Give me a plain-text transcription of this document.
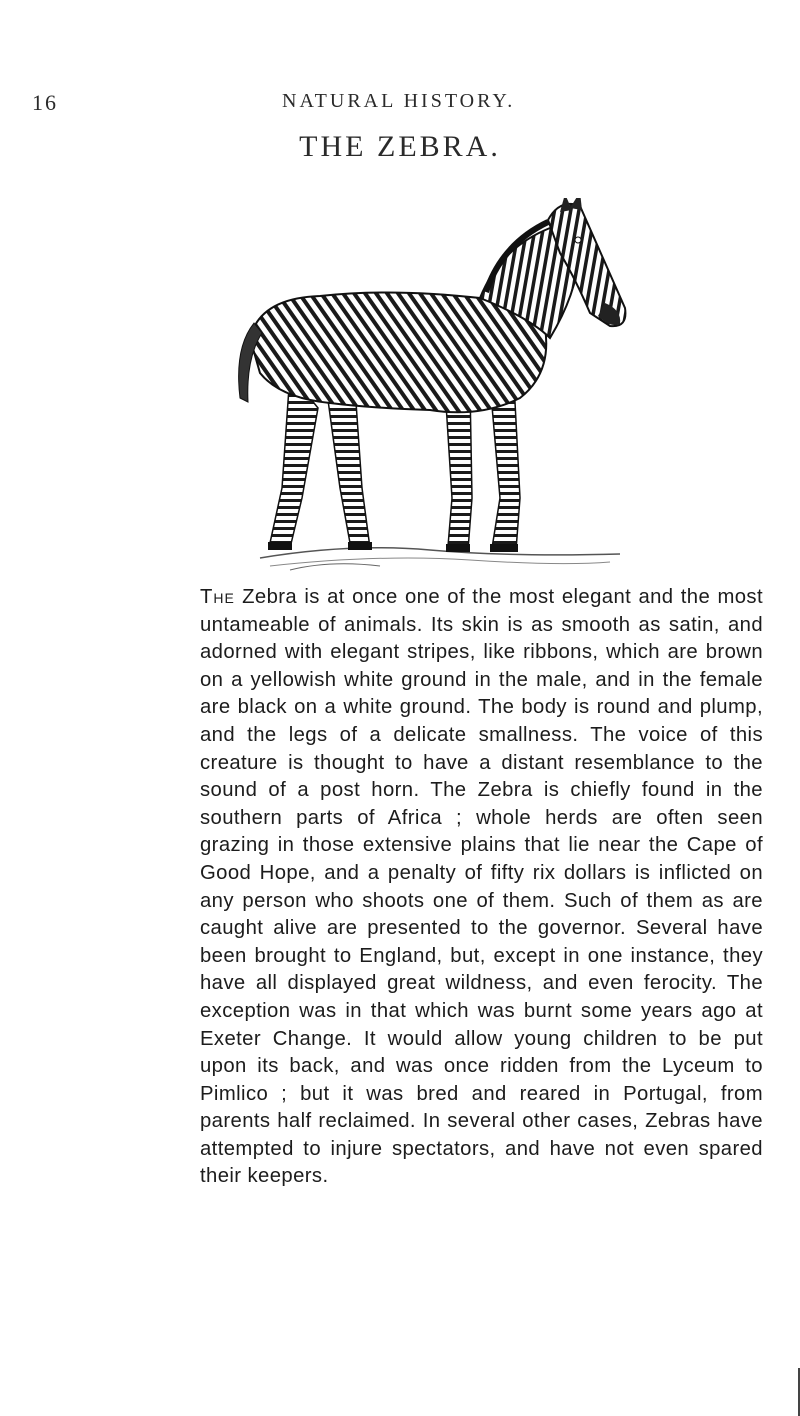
16	NATURAL HISTORY.
THE ZEBRA.

The Zebra is at once one of the most elegant and the most untameable of animals. Its skin is as smooth as satin, and adorned with elegant stripes, like ribbons, which are brown on a yellowish white ground in the male, and in the female are black on a white ground. The body is round and plump, and the legs of a delicate smallness. The voice of this creature is thought to have a distant resemblance to the sound of a post horn. The Zebra is chiefly found in the southern parts of Africa ; whole herds are often seen grazing in those extensive plains that lie near the Cape of Good Hope, and a penalty of fifty rix dollars is inflicted on any person who shoots one of them. Such of them as are caught alive are presented to the governor. Several have been brought to England, but, except in one instance, they have all displayed great wildness, and even ferocity. The exception was in that which was burnt some years ago at Exeter Change. It would allow young children to be put upon its back, and was once ridden from the Lyceum to Pimlico ; but it was bred and reared in Portugal, from parents half reclaimed. In several other cases, Zebras have attempted to injure spectators, and have not even spared their keepers.
